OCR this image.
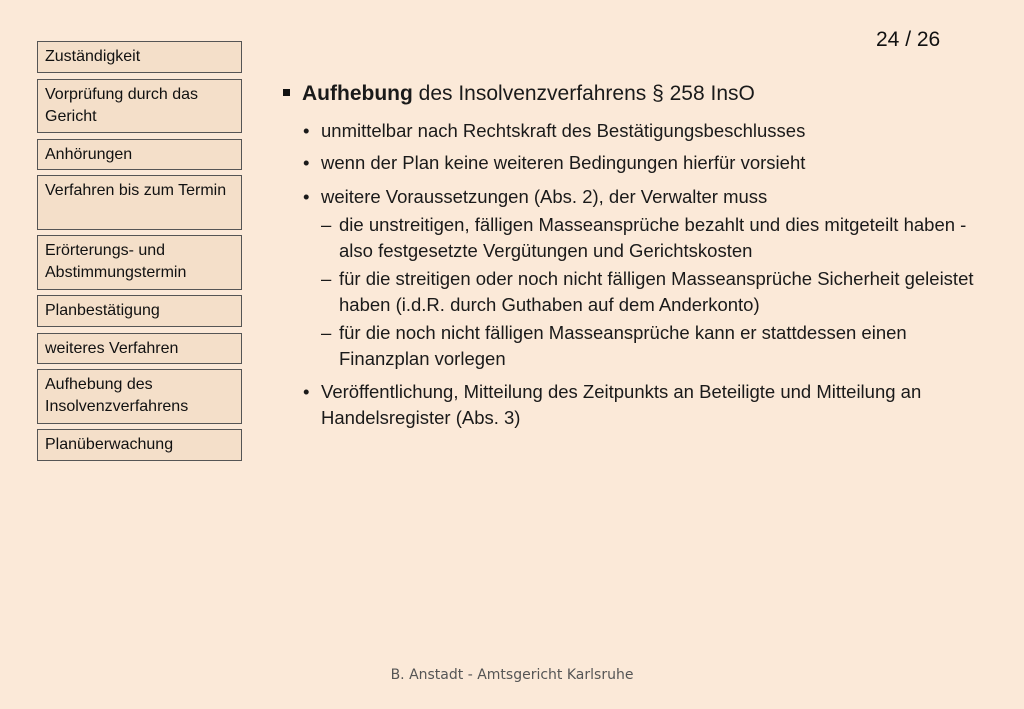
24 / 26
Zuständigkeit
Vorprüfung durch das Gericht
Anhörungen
Verfahren bis zum Termin
Erörterungs- und Abstimmungstermin
Planbestätigung
weiteres Verfahren
Aufhebung des Insolvenzverfahrens
Planüberwachung
Aufhebung des Insolvenzverfahrens § 258 InsO
• unmittelbar nach Rechtskraft des Bestätigungsbeschlusses
• wenn der Plan keine weiteren Bedingungen hierfür vorsieht
• weitere Voraussetzungen (Abs. 2), der Verwalter muss
– die unstreitigen, fälligen Masseansprüche bezahlt und dies mitgeteilt haben - also festgesetzte Vergütungen und Gerichtskosten
– für die streitigen oder noch nicht fälligen Masseansprüche Sicherheit geleistet haben (i.d.R. durch Guthaben auf dem Anderkonto)
– für die noch nicht fälligen Masseansprüche kann er stattdessen einen Finanzplan vorlegen
• Veröffentlichung, Mitteilung des Zeitpunkts an Beteiligte und Mitteilung an Handelsregister (Abs. 3)
B. Anstadt - Amtsgericht Karlsruhe
